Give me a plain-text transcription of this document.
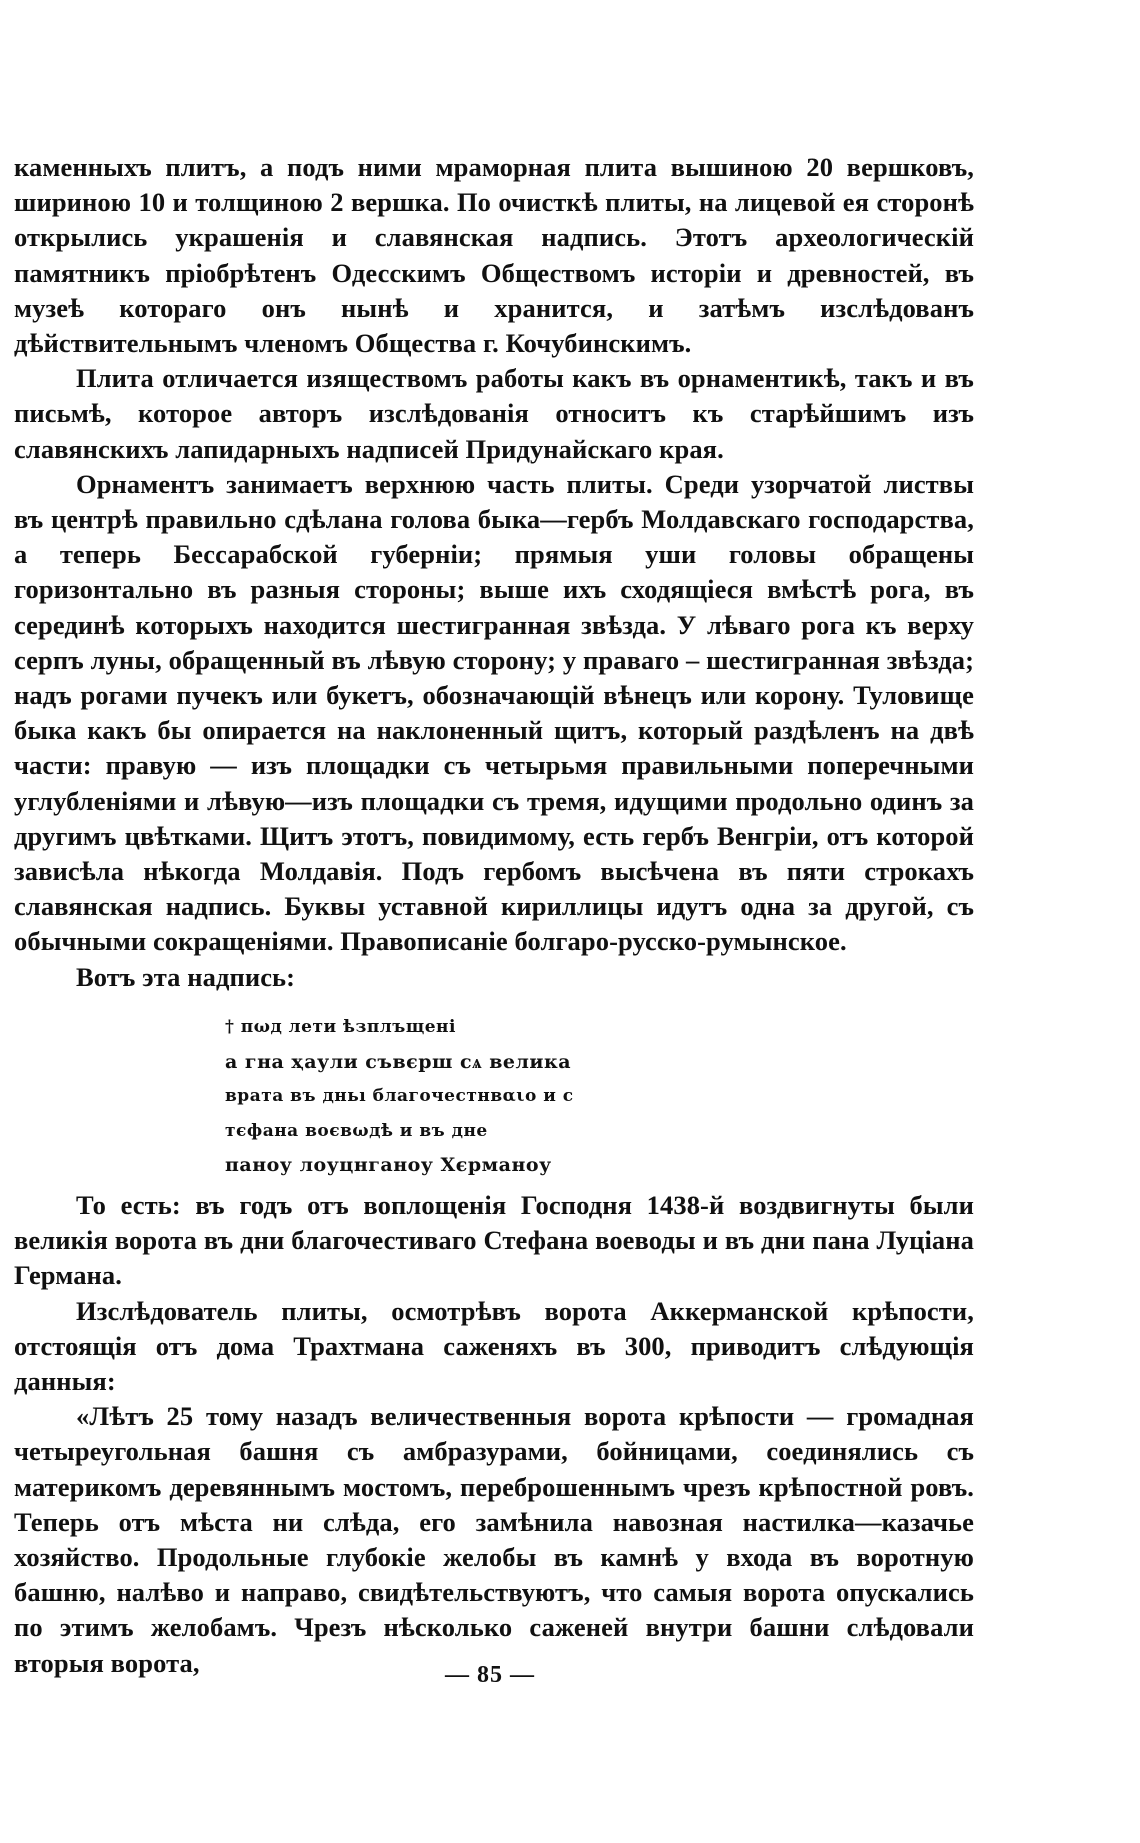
каменныхъ плитъ, а подъ ними мраморная плита вышиною 20 вершковъ, шириною 10 и толщиною 2 вершка. По очисткѣ плиты, на лицевой ея сторонѣ открылись украшенія и славянская надпись. Этотъ археологическій памятникъ пріобрѣтенъ Одесскимъ Обществомъ исторіи и древностей, въ музеѣ котораго онъ нынѣ и хранится, и затѣмъ изслѣдованъ дѣйствительнымъ членомъ Общества г. Кочубинскимъ.

Плита отличается изяществомъ работы какъ въ орнаментикѣ, такъ и въ письмѣ, которое авторъ изслѣдованія относитъ къ старѣйшимъ изъ славянскихъ лапидарныхъ надписей Придунайскаго края.

Орнаментъ занимаетъ верхнюю часть плиты. Среди узорчатой листвы въ центрѣ правильно сдѣлана голова быка—гербъ Молдавскаго господарства, а теперь Бессарабской губерніи; прямыя уши головы обращены горизонтально въ разныя стороны; выше ихъ сходящіеся вмѣстѣ рога, въ серединѣ которыхъ находится шестигранная звѣзда. У лѣваго рога къ верху серпъ луны, обращенный въ лѣвую сторону; у праваго – шестигранная звѣзда; надъ рогами пучекъ или букетъ, обозначающій вѣнецъ или корону. Туловище быка какъ бы опирается на наклоненный щитъ, который раздѣленъ на двѣ части: правую — изъ площадки съ четырьмя правильными поперечными углубленіями и лѣвую—изъ площадки съ тремя, идущими продольно одинъ за другимъ цвѣтками. Щитъ этотъ, повидимому, есть гербъ Венгріи, отъ которой зависѣла нѣкогда Молдавія. Подъ гербомъ высѣчена въ пяти строкахъ славянская надпись. Буквы уставной кириллицы идутъ одна за другой, съ обычными сокращеніями. Правописаніе болгаро-русско-румынское.

Вотъ эта надпись:

† пωд лети ѣзплъщені
а гна ҳаули съвєрш сѧ велика
врата въ дньı благочестнвαιо и с
тєфана воєвωдѣ и въ дне
паноу лоуцнганоу Хєрманоу

То есть: въ годъ отъ воплощенія Господня 1438-й воздвигнуты были великія ворота въ дни благочестиваго Стефана воеводы и въ дни пана Луціана Германа.

Изслѣдователь плиты, осмотрѣвъ ворота Аккерманской крѣпости, отстоящія отъ дома Трахтмана саженяхъ въ 300, приводитъ слѣдующія данныя:

«Лѣтъ 25 тому назадъ величественныя ворота крѣпости — громадная четыреугольная башня съ амбразурами, бойницами, соединялись съ материкомъ деревяннымъ мостомъ, переброшеннымъ чрезъ крѣпостной ровъ. Теперь отъ мѣста ни слѣда, его замѣнила навозная настилка—казачье хозяйство. Продольные глубокіе желобы въ камнѣ у входа въ воротную башню, налѣво и направо, свидѣтельствуютъ, что самыя ворота опускались по этимъ желобамъ. Чрезъ нѣсколько саженей внутри башни слѣдовали вторыя ворота,	— 85 —
